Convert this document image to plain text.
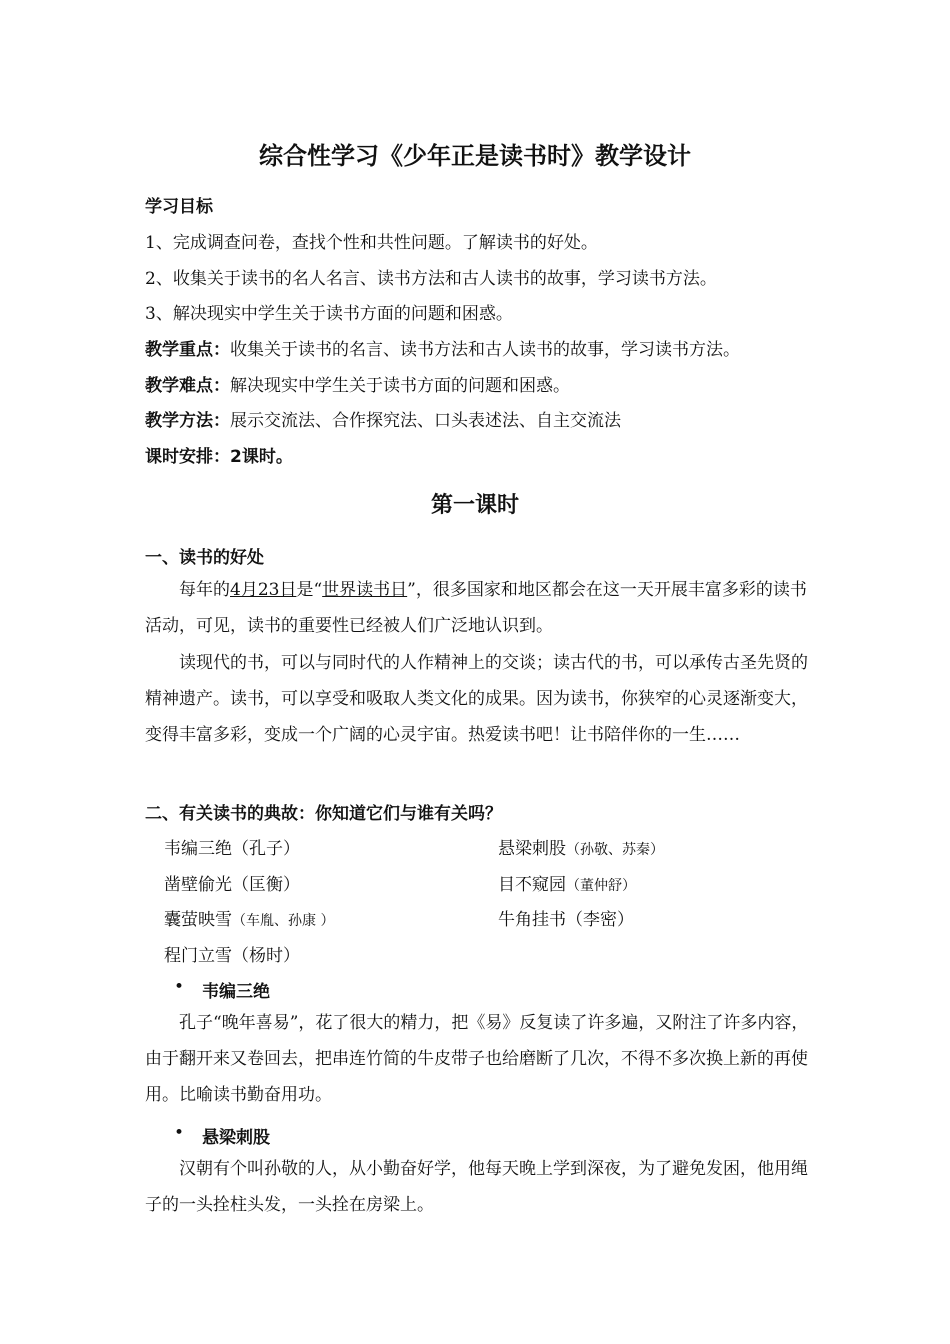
综合性学习《少年正是读书时》教学设计
学习目标
1、完成调查问卷，查找个性和共性问题。了解读书的好处。
2、收集关于读书的名人名言、读书方法和古人读书的故事，学习读书方法。
3、解决现实中学生关于读书方面的问题和困惑。
教学重点：收集关于读书的名言、读书方法和古人读书的故事，学习读书方法。
教学难点：解决现实中学生关于读书方面的问题和困惑。
教学方法：展示交流法、合作探究法、口头表述法、自主交流法
课时安排：2课时。
第一课时
一、读书的好处
每年的4月23日是“世界读书日”，很多国家和地区都会在这一天开展丰富多彩的读书活动，可见，读书的重要性已经被人们广泛地认识到。
读现代的书，可以与同时代的人作精神上的交谈；读古代的书，可以承传古圣先贤的精神遗产。读书，可以享受和吸取人类文化的成果。因为读书，你狭窄的心灵逐渐变大，变得丰富多彩，变成一个广阔的心灵宇宙。热爱读书吧！让书陪伴你的一生……
二、有关读书的典故：你知道它们与谁有关吗？
韦编三绝（孔子）	悬梁刺股（孙敬、苏秦）
凿壁偷光（匡衡）	目不窥园（董仲舒）
囊萤映雪（车胤、孙康 ）	牛角挂书（李密）
程门立雪（杨时）
• 韦编三绝
孔子“晚年喜易”，花了很大的精力，把《易》反复读了许多遍，又附注了许多内容，由于翻开来又卷回去，把串连竹简的牛皮带子也给磨断了几次，不得不多次换上新的再使用。比喻读书勤奋用功。
• 悬梁刺股
汉朝有个叫孙敬的人，从小勤奋好学，他每天晚上学到深夜，为了避免发困，他用绳子的一头拴柱头发，一头拴在房梁上。
